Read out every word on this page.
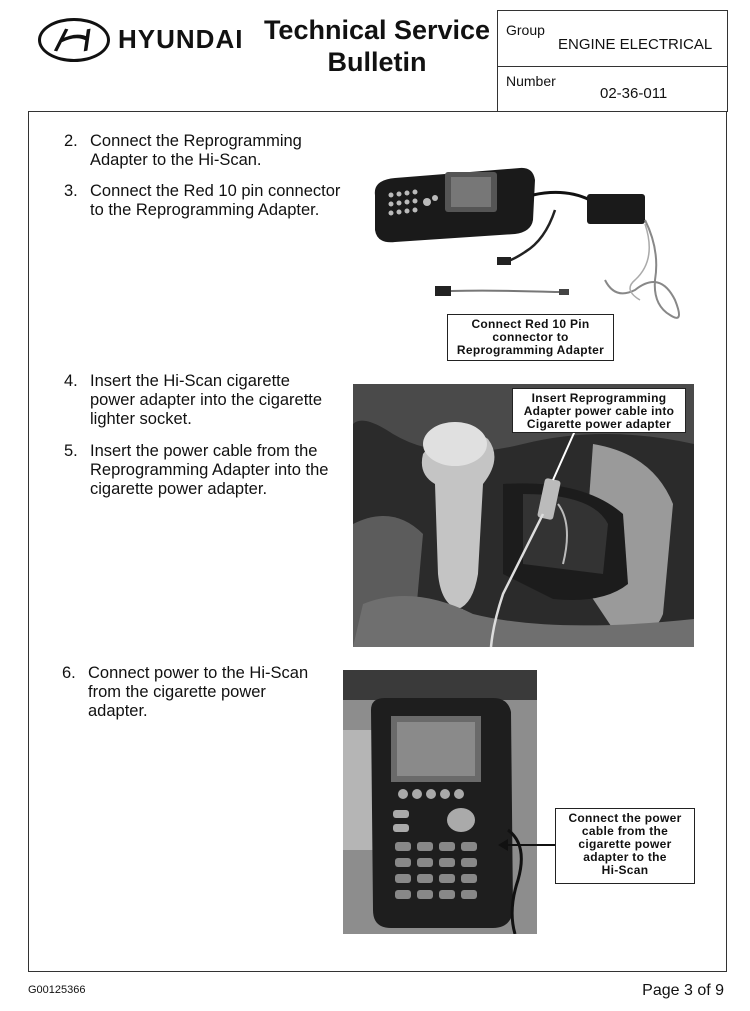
HYUNDAI Technical Service
Bulletin
Group
ENGINE ELECTRICAL
Number
02-36-011
2. Connect the Reprogramming
Adapter to the Hi-Scan.
3. Connect the Red 10 pin connector
to the Reprogramming Adapter.
4. Insert the Hi-Scan cigarette
power adapter into the cigarette
lighter socket.
5. Insert the power cable from the
Reprogramming Adapter into the
cigarette power adapter.
6. Connect power to the Hi-Scan
from the cigarette power
adapter.
Connect Red 10 Pin
connector to
Reprogramming Adapter
Insert Reprogramming
Adapter power cable into
Cigarette power adapter
Connect the power
cable from the
cigarette power
adapter to the
Hi-Scan
G00125366	Page 3 of 9
